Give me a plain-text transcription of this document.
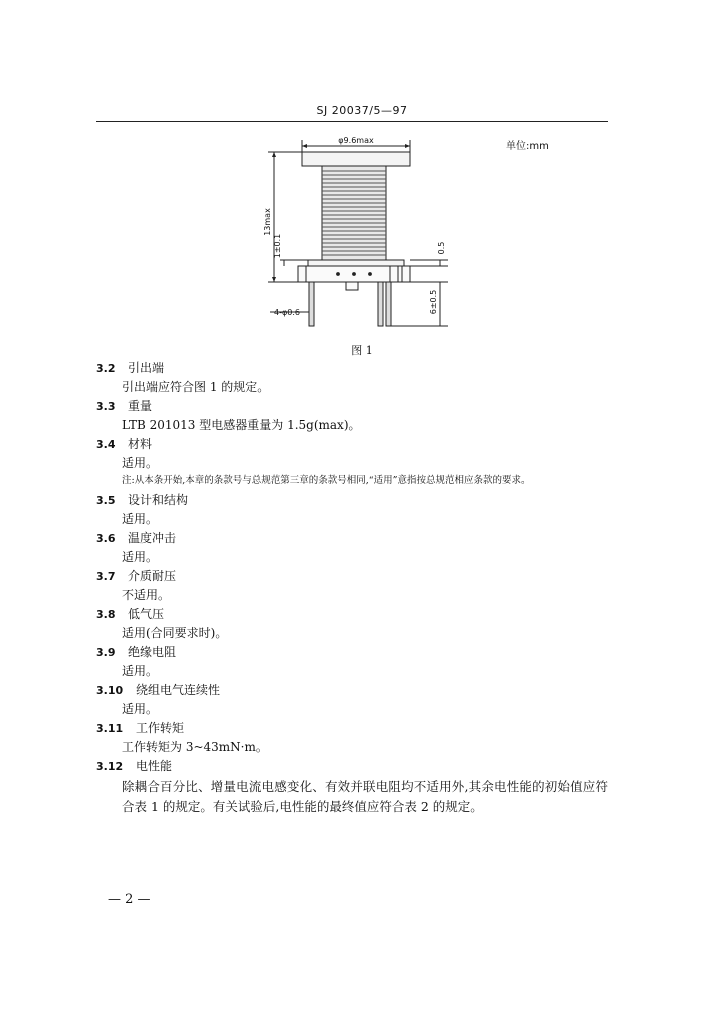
SJ 20037/5—97
单位:mm
φ9.6max
13max
1±0.1	0.5
6±0.5
4-φ0.6
图 1
3.2 引出端
引出端应符合图 1 的规定。
3.3 重量
LTB 201013 型电感器重量为 1.5g(max)。
3.4 材料
适用。
注:从本条开始,本章的条款号与总规范第三章的条款号相同,“适用”意指按总规范相应条款的要求。
3.5 设计和结构
适用。
3.6 温度冲击
适用。
3.7 介质耐压
不适用。
3.8 低气压
适用(合同要求时)。
3.9 绝缘电阻
适用。
3.10 绕组电气连续性
适用。
3.11 工作转矩
工作转矩为 3~43mN·m。
3.12 电性能
除耦合百分比、增量电流电感变化、有效并联电阻均不适用外,其余电性能的初始值应符合表 1 的规定。有关试验后,电性能的最终值应符合表 2 的规定。
— 2 —
